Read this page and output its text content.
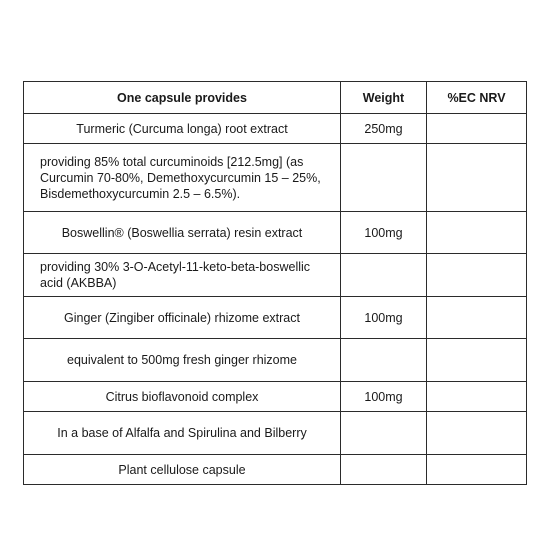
One capsule provides	Weight	%EC NRV
Turmeric (Curcuma longa) root extract	250mg	
providing 85% total curcuminoids [212.5mg] (as Curcumin 70-80%, Demethoxycurcumin 15 – 25%, Bisdemethoxycurcumin 2.5 – 6.5%).		
Boswellin® (Boswellia serrata) resin extract	100mg	
providing 30% 3-O-Acetyl-11-keto-beta-boswellic acid (AKBBA)		
Ginger (Zingiber officinale) rhizome extract	100mg	
equivalent to 500mg fresh ginger rhizome		
Citrus bioflavonoid complex	100mg	
In a base of Alfalfa and Spirulina and Bilberry		
Plant cellulose capsule		
